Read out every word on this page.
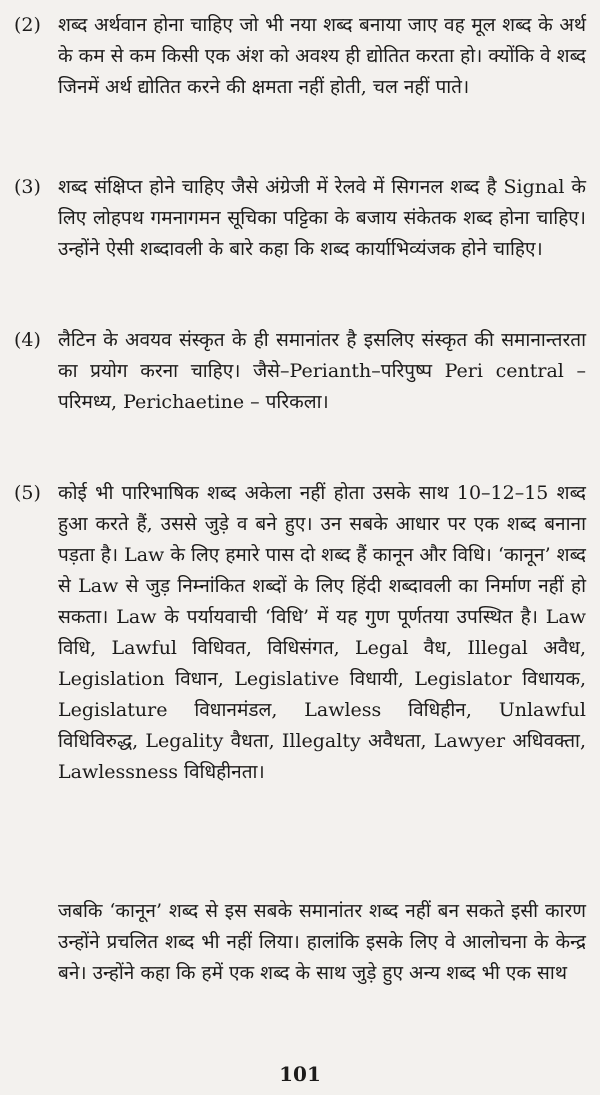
(2) शब्द अर्थवान होना चाहिए जो भी नया शब्द बनाया जाए वह मूल शब्द के अर्थ के कम से कम किसी एक अंश को अवश्य ही द्योतित करता हो। क्योंकि वे शब्द जिनमें अर्थ द्योतित करने की क्षमता नहीं होती, चल नहीं पाते।
(3) शब्द संक्षिप्त होने चाहिए जैसे अंग्रेजी में रेलवे में सिगनल शब्द है Signal के लिए लोहपथ गमनागमन सूचिका पट्टिका के बजाय संकेतक शब्द होना चाहिए। उन्होंने ऐसी शब्दावली के बारे कहा कि शब्द कार्याभिव्यंजक होने चाहिए।
(4) लैटिन के अवयव संस्कृत के ही समानांतर है इसलिए संस्कृत की समानान्तरता का प्रयोग करना चाहिए। जैसे–Perianth–परिपुष्प Peri central – परिमध्य, Perichaetine – परिकला।
(5) कोई भी पारिभाषिक शब्द अकेला नहीं होता उसके साथ 10–12–15 शब्द हुआ करते हैं, उससे जुड़े व बने हुए। उन सबके आधार पर एक शब्द बनाना पड़ता है। Law के लिए हमारे पास दो शब्द हैं कानून और विधि। ‘कानून’ शब्द से Law से जुड़ निम्नांकित शब्दों के लिए हिंदी शब्दावली का निर्माण नहीं हो सकता। Law के पर्यायवाची ‘विधि’ में यह गुण पूर्णतया उपस्थित है। Law विधि, Lawful विधिवत, विधिसंगत, Legal वैध, Illegal अवैध, Legislation विधान, Legislative विधायी, Legislator विधायक, Legislature विधानमंडल, Lawless विधिहीन, Unlawful विधिविरुद्ध, Legality वैधता, Illegalty अवैधता, Lawyer अधिवक्ता, Lawlessness विधिहीनता।
जबकि ‘कानून’ शब्द से इस सबके समानांतर शब्द नहीं बन सकते इसी कारण उन्होंने प्रचलित शब्द भी नहीं लिया। हालांकि इसके लिए वे आलोचना के केन्द्र बने। उन्होंने कहा कि हमें एक शब्द के साथ जुड़े हुए अन्य शब्द भी एक साथ
101
